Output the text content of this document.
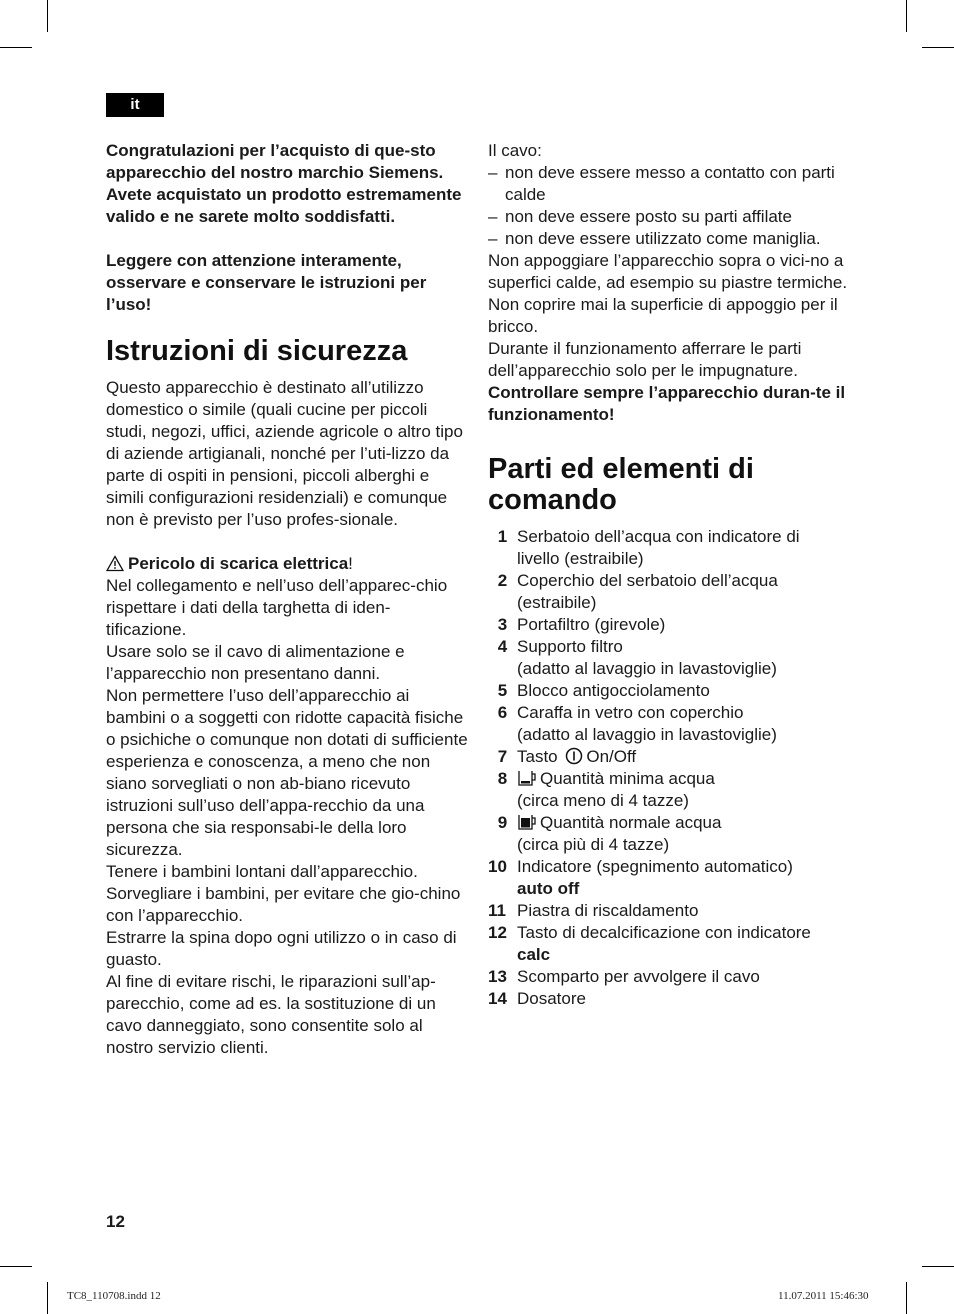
it

Congratulazioni per l’acquisto di que-sto apparecchio del nostro marchio Siemens. Avete acquistato un prodotto estremamente valido e ne sarete molto soddisfatti.

Leggere con attenzione interamente, osservare e conservare le istruzioni per l’uso!

Istruzioni di sicurezza

Questo apparecchio è destinato all’utilizzo domestico o simile (quali cucine per piccoli studi, negozi, uffici, aziende agricole o altro tipo di aziende artigianali, nonché per l’uti-lizzo da parte di ospiti in pensioni, piccoli alberghi e simili configurazioni residenziali) e comunque non è previsto per l’uso profes-sionale.

Pericolo di scarica elettrica!

Nel collegamento e nell’uso dell’apparec-chio rispettare i dati della targhetta di iden-tificazione.

Usare solo se il cavo di alimentazione e l’apparecchio non presentano danni.

Non permettere l’uso dell’apparecchio ai bambini o a soggetti con ridotte capacità fisiche o psichiche o comunque non dotati di sufficiente esperienza e conoscenza, a meno che non siano sorvegliati o non ab-biano ricevuto istruzioni sull’uso dell’appa-recchio da una persona che sia responsabi-le della loro sicurezza.

Tenere i bambini lontani dall’apparecchio.

Sorvegliare i bambini, per evitare che gio-chino con l’apparecchio.

Estrarre la spina dopo ogni utilizzo o in caso di guasto.

Al fine di evitare rischi, le riparazioni sull’ap-parecchio, come ad es. la sostituzione di un cavo danneggiato, sono consentite solo al nostro servizio clienti.

Il cavo:

– non deve essere messo a contatto con parti calde
– non deve essere posto su parti affilate
– non deve essere utilizzato come maniglia.

Non appoggiare l’apparecchio sopra o vici-no a superfici calde, ad esempio su piastre termiche.

Non coprire mai la superficie di appoggio per il bricco.

Durante il funzionamento afferrare le parti dell’apparecchio solo per le impugnature.

Controllare sempre l’apparecchio duran-te il funzionamento!

Parti ed elementi di comando
1 Serbatoio dell’acqua con indicatore di
livello (estraibile)
2 Coperchio del serbatoio dell’acqua
(estraibile)
3 Portafiltro (girevole)
4 Supporto filtro
(adatto al lavaggio in lavastoviglie)
5 Blocco antigocciolamento
6 Caraffa in vetro con coperchio
(adatto al lavaggio in lavastoviglie)
7 Tasto On/Off
8	Quantità minima acqua
(circa meno di 4 tazze)
9	Quantità normale acqua
(circa più di 4 tazze)
10 Indicatore (spegnimento automatico)
auto off
11 Piastra di riscaldamento
12 Tasto di decalcificazione con indicatore
calc
13 Scomparto per avvolgere il cavo
14 Dosatore
12
TC8_110708.indd 12	11.07.2011 15:46:30
